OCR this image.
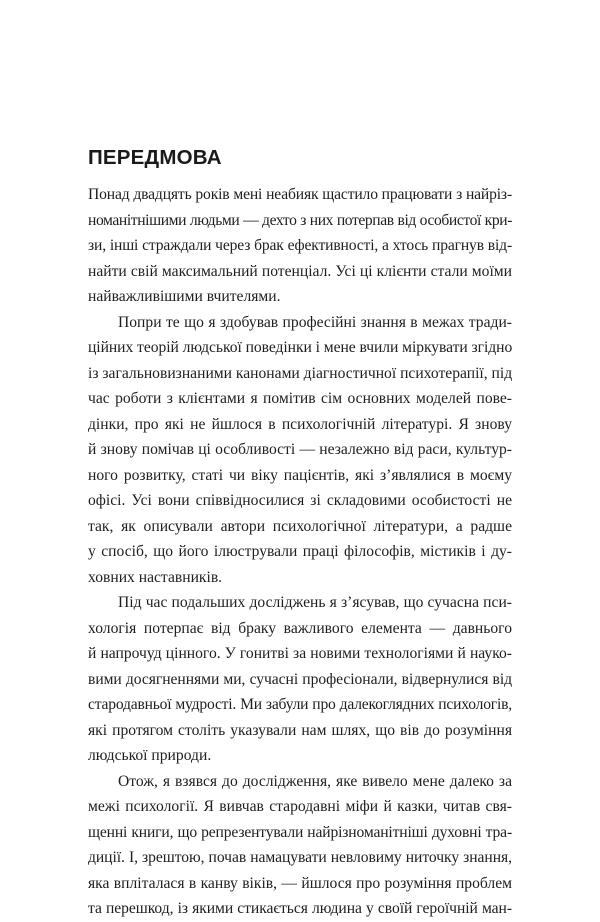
ПЕРЕДМОВА

Понад двадцять років мені неабияк щастило працювати з найріз-
номанітнішими людьми — дехто з них потерпав від особистої кри-
зи, інші страждали через брак ефективності, а хтось прагнув від-
найти свій максимальний потенціал. Усі ці клієнти стали моїми
найважливішими вчителями.

Попри те що я здобував професійні знання в межах тради-
ційних теорій людської поведінки і мене вчили міркувати згідно
із загальновизнаними канонами діагностичної психотерапії, під
час роботи з клієнтами я помітив сім основних моделей пове-
дінки, про які не йшлося в психологічній літературі. Я знову
й знову помічав ці особливості — незалежно від раси, культур-
ного розвитку, статі чи віку пацієнтів, які з’являлися в моєму
офісі. Усі вони співвідносилися зі складовими особистості не
так, як описували автори психологічної літератури, а радше
у спосіб, що його ілюстрували праці філософів, містиків і ду-
ховних наставників.

Під час подальших досліджень я з’ясував, що сучасна пси-
хологія потерпає від браку важливого елемента — давнього
й напрочуд цінного. У гонитві за новими технологіями й науко-
вими досягненнями ми, сучасні професіонали, відвернулися від
стародавньої мудрості. Ми забули про далекоглядних психологів,
які протягом століть указували нам шлях, що вів до розуміння
людської природи.

Отож, я взявся до дослідження, яке вивело мене далеко за
межі психології. Я вивчав стародавні міфи й казки, читав свя-
щенні книги, що репрезентували найрізноманітніші духовні тра-
диції. І, зрештою, почав намацувати невловиму ниточку знання,
яка впліталася в канву віків, — йшлося про розуміння проблем
та перешкод, із якими стикається людина у своїй героїчній ман-
